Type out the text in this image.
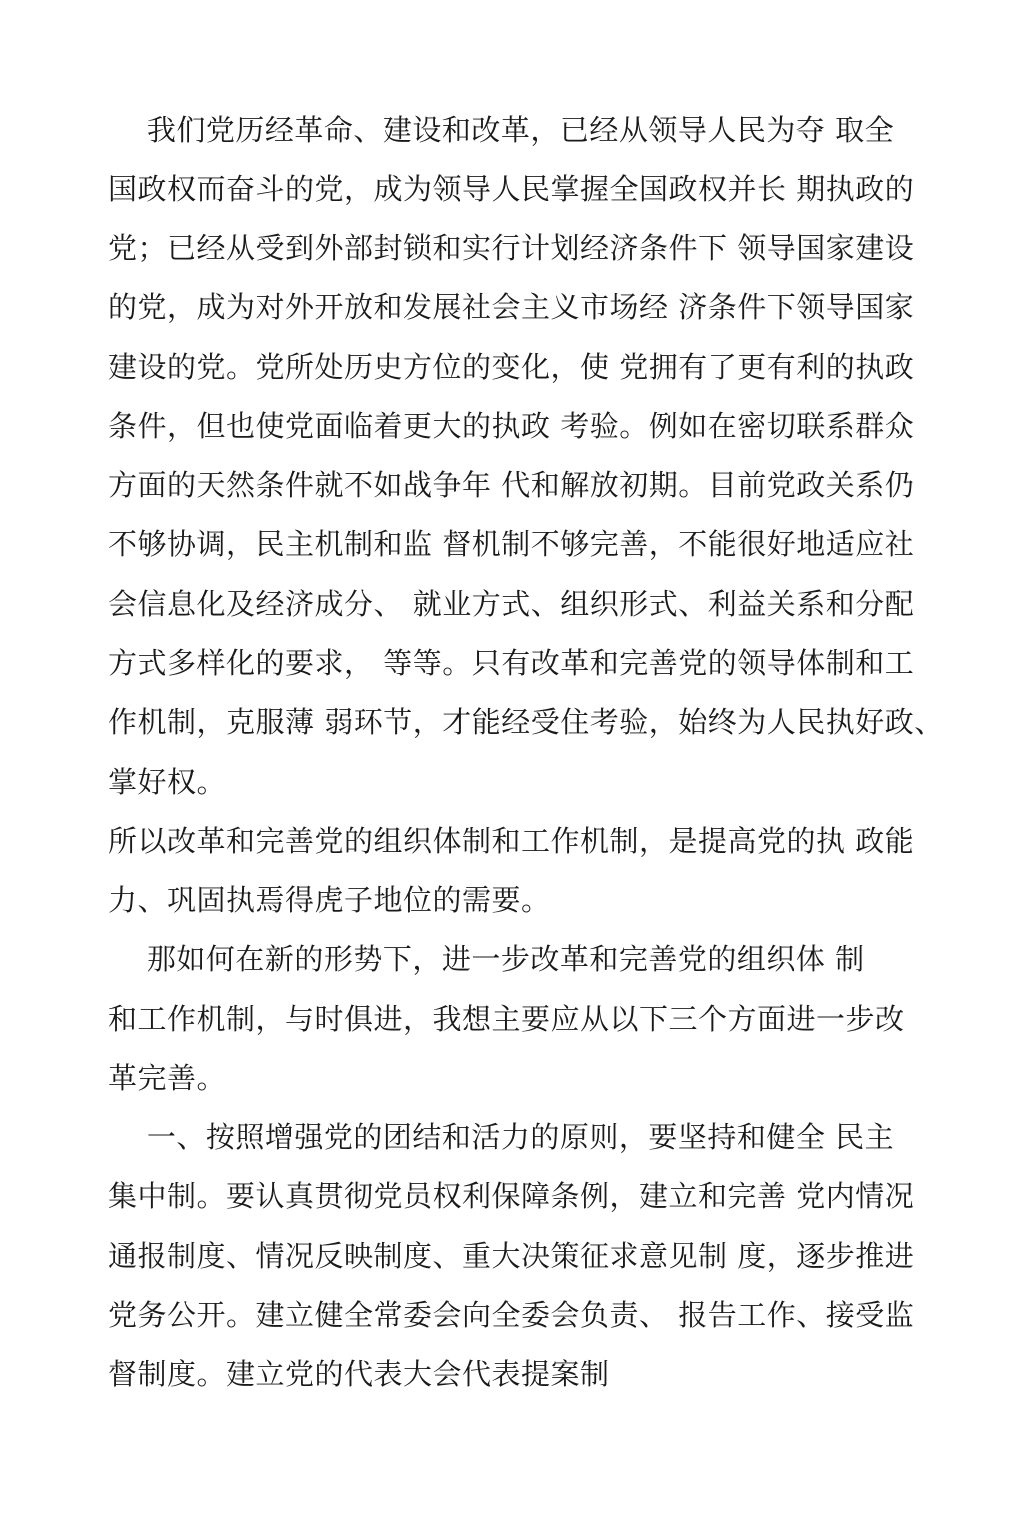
我们党历经革命、建设和改革，已经从领导人民为夺 取全
国政权而奋斗的党，成为领导人民掌握全国政权并长 期执政的
党；已经从受到外部封锁和实行计划经济条件下 领导国家建设
的党，成为对外开放和发展社会主义市场经 济条件下领导国家
建设的党。党所处历史方位的变化，使 党拥有了更有利的执政
条件，但也使党面临着更大的执政 考验。例如在密切联系群众
方面的天然条件就不如战争年 代和解放初期。目前党政关系仍
不够协调，民主机制和监 督机制不够完善，不能很好地适应社
会信息化及经济成分、 就业方式、组织形式、利益关系和分配
方式多样化的要求， 等等。只有改革和完善党的领导体制和工
作机制，克服薄 弱环节，才能经受住考验，始终为人民执好政、
掌好权。
所以改革和完善党的组织体制和工作机制，是提高党的执 政能
力、巩固执焉得虎子地位的需要。
那如何在新的形势下，进一步改革和完善党的组织体 制
和工作机制，与时俱进，我想主要应从以下三个方面进一步改
革完善。
一、按照增强党的团结和活力的原则，要坚持和健全 民主
集中制。要认真贯彻党员权利保障条例，建立和完善 党内情况
通报制度、情况反映制度、重大决策征求意见制 度，逐步推进
党务公开。建立健全常委会向全委会负责、 报告工作、接受监
督制度。建立党的代表大会代表提案制
